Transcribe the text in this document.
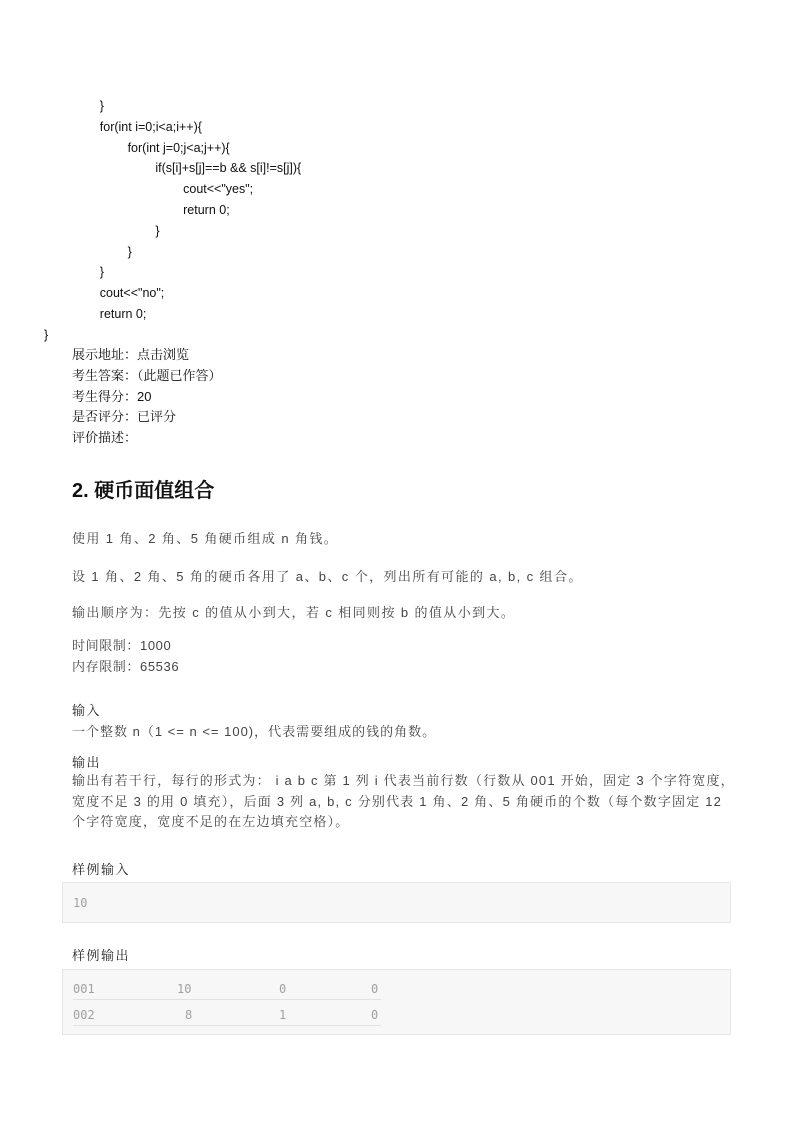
}
for(int i=0;i<a;i++){
for(int j=0;j<a;j++){
if(s[i]+s[j]==b && s[i]!=s[j]){
cout<<"yes";
return 0;
}
}
}
cout<<"no";
return 0;
}
展示地址：点击浏览
考生答案：（此题已作答）
考生得分：20
是否评分：已评分
评价描述：
2. 硬币面值组合
使用 1 角、2 角、5 角硬币组成 n 角钱。
设 1 角、2 角、5 角的硬币各用了 a、b、c 个，列出所有可能的 a, b, c 组合。
输出顺序为：先按 c 的值从小到大，若 c 相同则按 b 的值从小到大。
时间限制：1000
内存限制：65536
输入
一个整数 n（1 <= n <= 100)，代表需要组成的钱的角数。
输出
输出有若干行，每行的形式为： i a b c 第 1 列 i 代表当前行数（行数从 001 开始，固定 3 个字符宽度，
宽度不足 3 的用 0 填充），后面 3 列 a, b, c 分别代表 1 角、2 角、5 角硬币的个数（每个数字固定 12
个字符宽度，宽度不足的在左边填充空格）。
样例输入
10
样例输出
001	10	0	0
002	8	1	0
